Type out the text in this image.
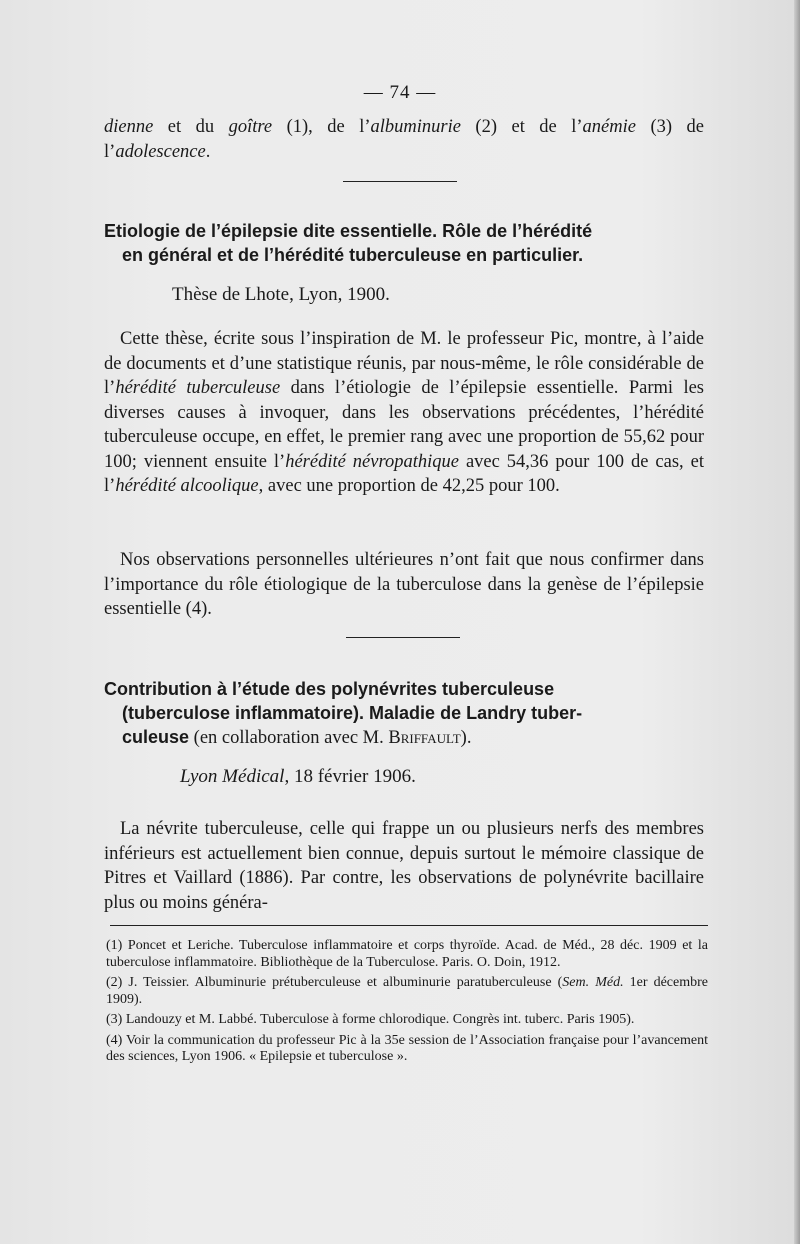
— 74 —

dienne et du goître (1), de l’albuminurie (2) et de l’anémie (3) de

l’adolescence.

Etiologie de l’épilepsie dite essentielle. Rôle de l’hérédité
en général et de l’hérédité tuberculeuse en particulier.
Thèse de Lhote, Lyon, 1900.
Cette thèse, écrite sous l’inspiration de M. le professeur Pic, montre, à l’aide de documents et d’une statistique réunis, par nous-même, le rôle considérable de l’hérédité tuberculeuse dans l’étiologie de l’épilepsie essentielle. Parmi les diverses causes à invoquer, dans les observations précédentes, l’hérédité tuberculeuse occupe, en effet, le premier rang avec une proportion de 55,62 pour 100; viennent ensuite l’hérédité névropathique avec 54,36 pour 100 de cas, et l’hérédité alcoolique, avec une proportion de 42,25 pour 100.
Nos observations personnelles ultérieures n’ont fait que nous confirmer dans l’importance du rôle étiologique de la tuberculose dans la genèse de l’épilepsie essentielle (4).
Contribution à l’étude des polynévrites tuberculeuse
(tuberculose inflammatoire). Maladie de Landry tuber-
culeuse (en collaboration avec M. Briffault).
Lyon Médical, 18 février 1906.
La névrite tuberculeuse, celle qui frappe un ou plusieurs nerfs des membres inférieurs est actuellement bien connue, depuis surtout le mémoire classique de Pitres et Vaillard (1886). Par contre, les observations de polynévrite bacillaire plus ou moins généra-

(1) Poncet et Leriche. Tuberculose inflammatoire et corps thyroïde. Acad. de Méd., 28 déc. 1909 et la tuberculose inflammatoire. Bibliothèque de la Tuberculose. Paris. O. Doin, 1912.

(2) J. Teissier. Albuminurie prétuberculeuse et albuminurie paratuberculeuse (Sem. Méd. 1er décembre 1909).

(3) Landouzy et M. Labbé. Tuberculose à forme chlorodique. Congrès int. tuberc. Paris 1905).

(4) Voir la communication du professeur Pic à la 35e session de l’Association française pour l’avancement des sciences, Lyon 1906. « Epilepsie et tuberculose ».
